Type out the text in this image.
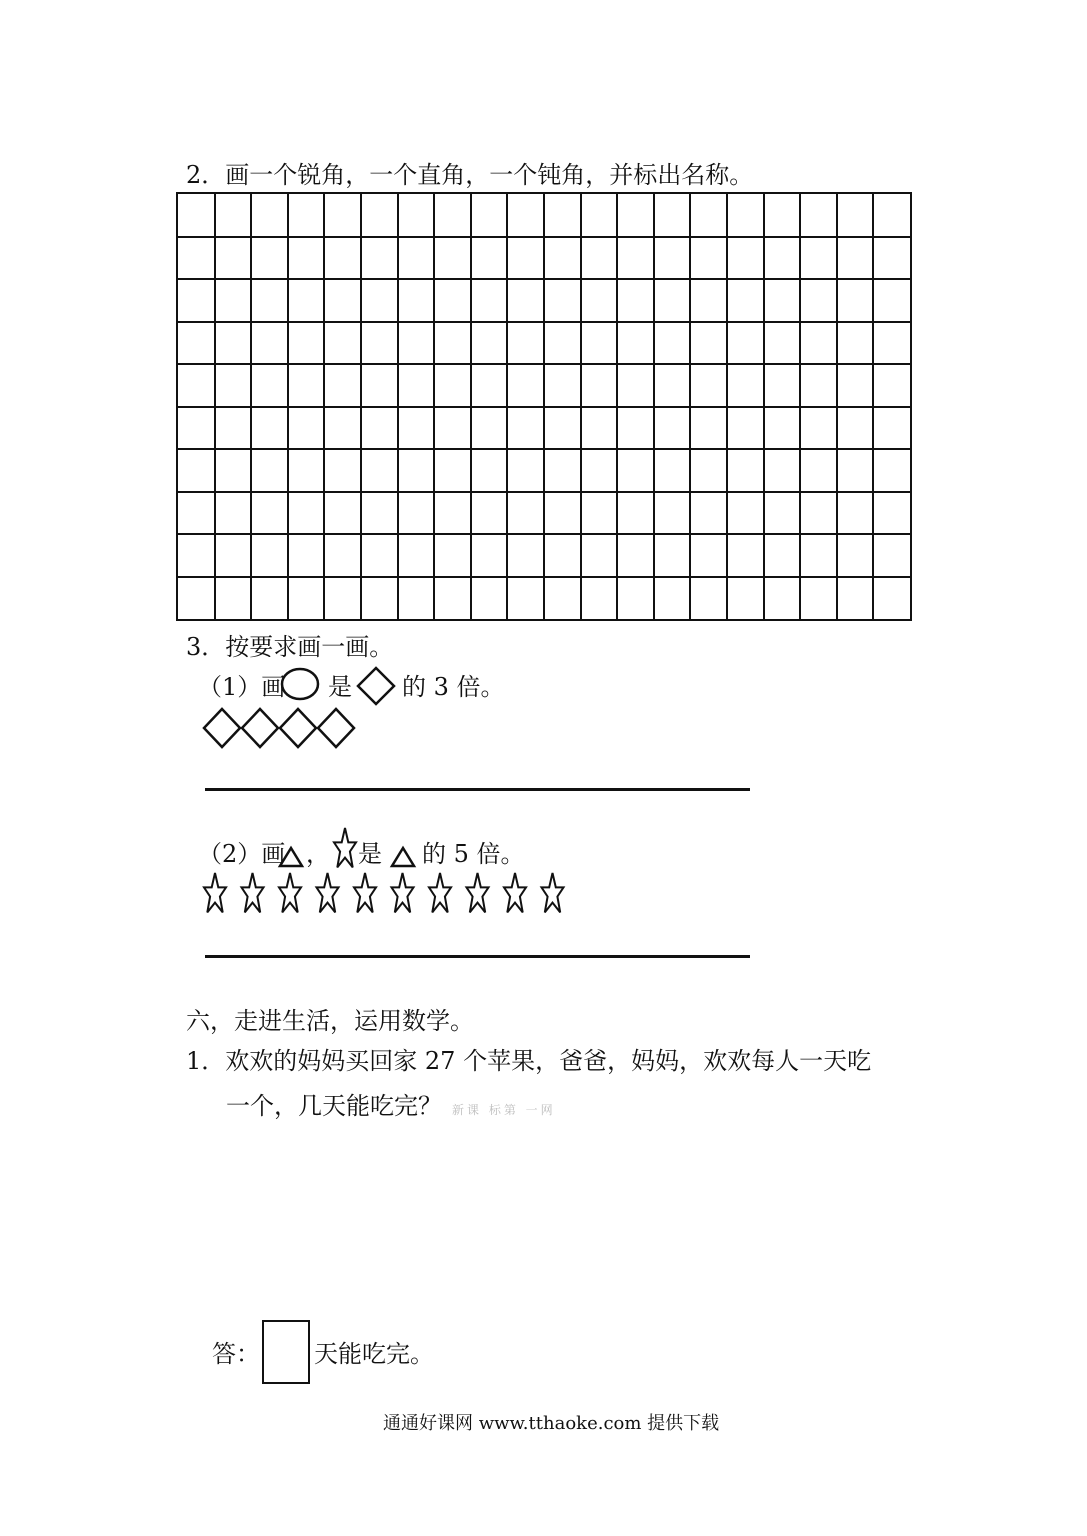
2．画一个锐角，一个直角，一个钝角，并标出名称。
3．按要求画一画。
（1）画 是 的 3 倍。
（2）画 ， 是 的 5 倍。
六，走进生活，运用数学。
1．欢欢的妈妈买回家 27 个苹果，爸爸，妈妈，欢欢每人一天吃
一个，几天能吃完？ 新课 标第 一网
答： 天能吃完。
通通好课网 www.tthaoke.com 提供下载
